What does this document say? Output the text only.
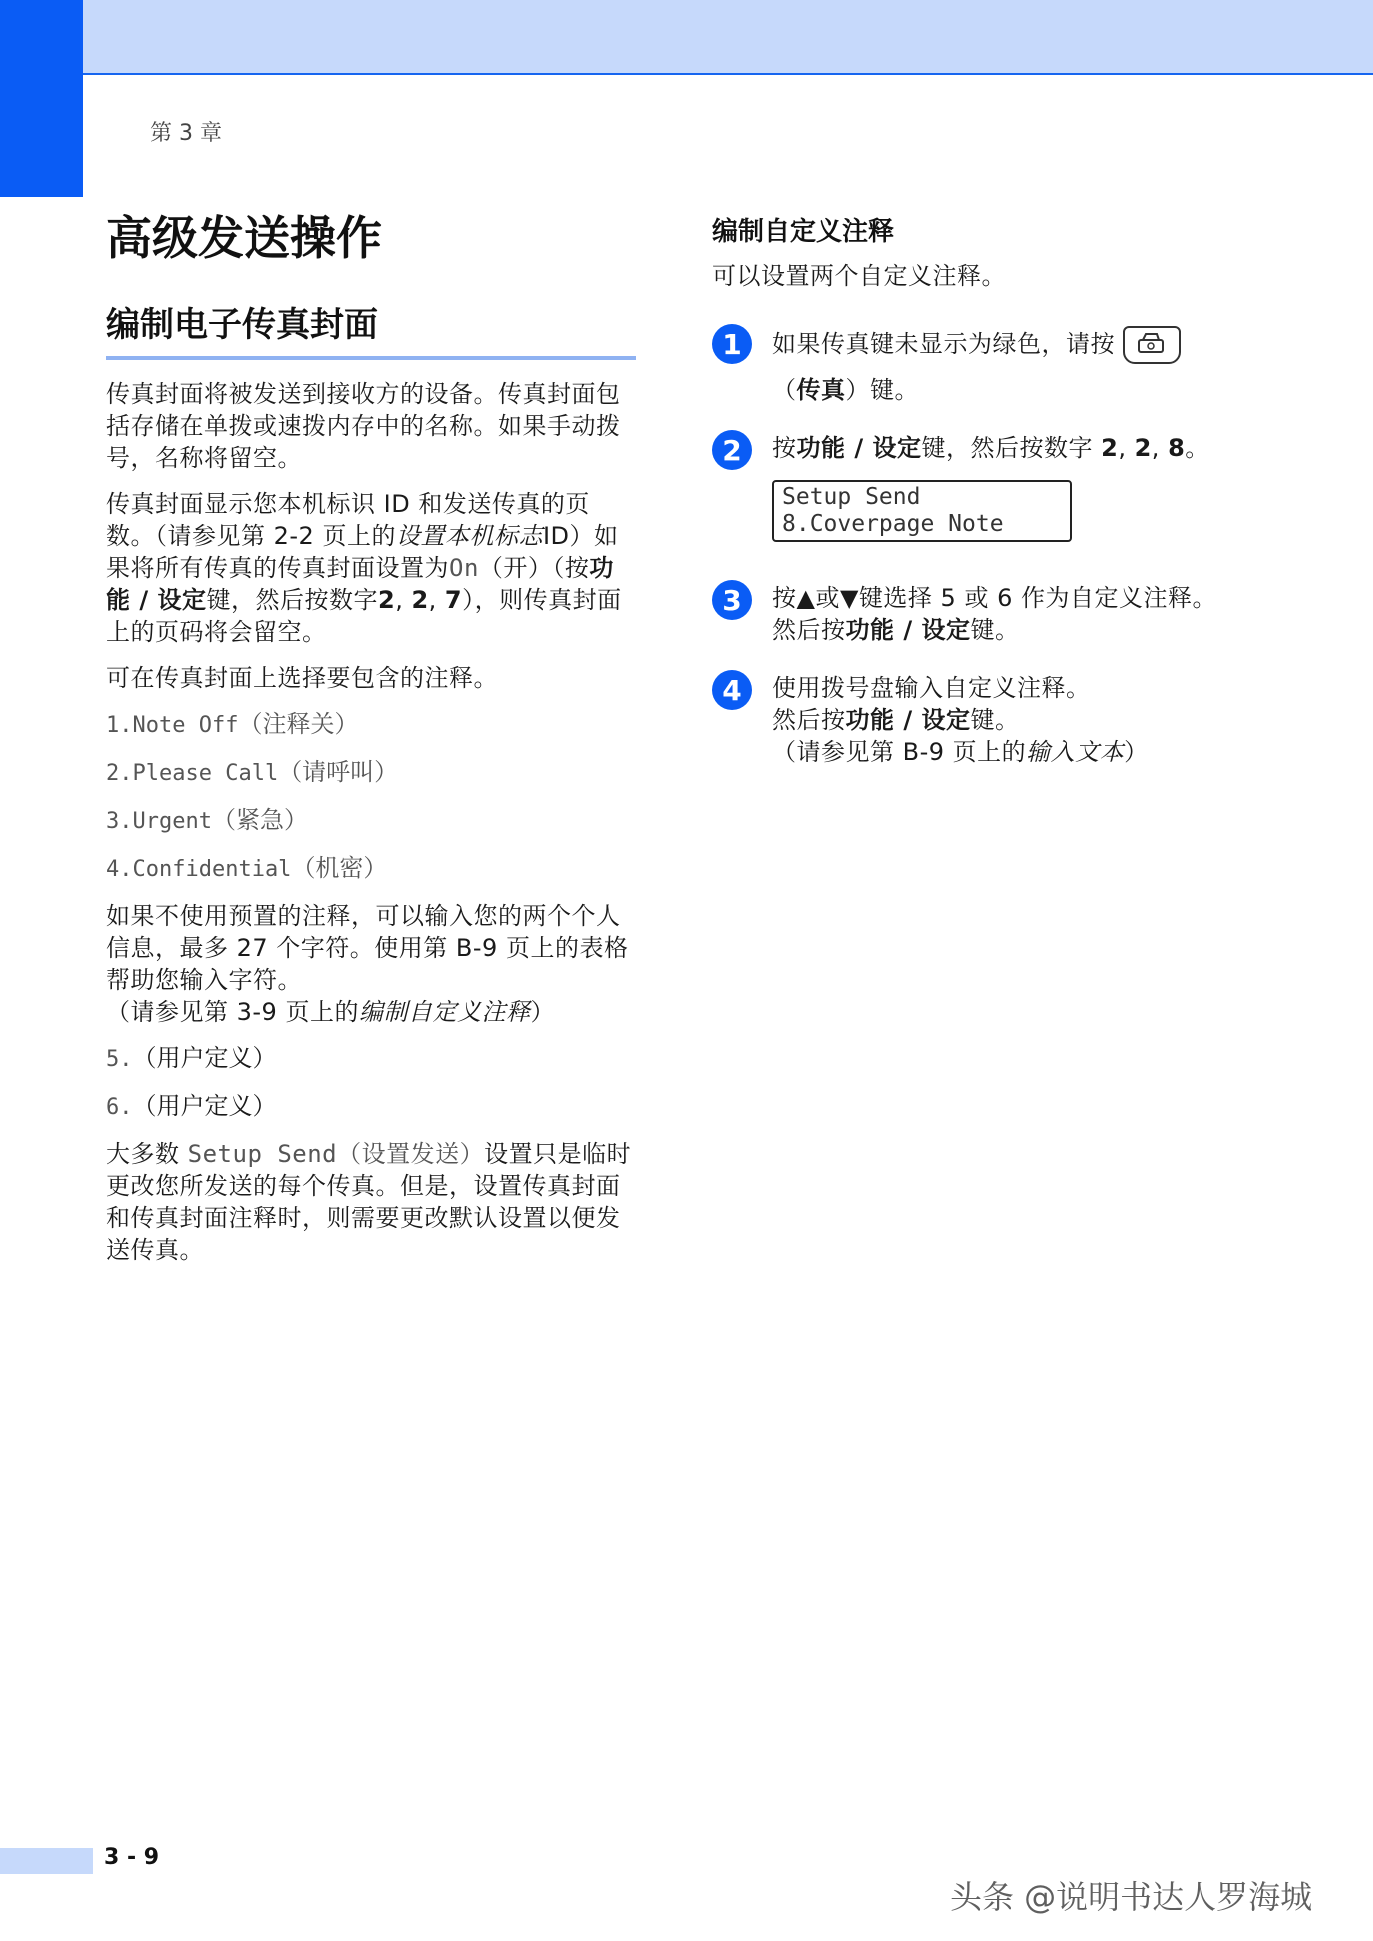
第 3 章
高级发送操作
编制电子传真封面

传真封面将被发送到接收方的设备。传真封面包括存储在单拨或速拨内存中的名称。如果手动拨号，名称将留空。

传真封面显示您本机标识 ID 和发送传真的页数。（请参见第 2-2 页上的设置本机标志ID）如果将所有传真的传真封面设置为On（开）（按功能 / 设定键，然后按数字2, 2, 7），则传真封面上的页码将会留空。

可在传真封面上选择要包含的注释。

1.Note Off（注释关）
2.Please Call（请呼叫）
3.Urgent（紧急）
4.Confidential（机密）

如果不使用预置的注释，可以输入您的两个个人信息，最多 27 个字符。使用第 B-9 页上的表格帮助您输入字符。
（请参见第 3-9 页上的编制自定义注释）

5.（用户定义）
6.（用户定义）

大多数 Setup Send（设置发送）设置只是临时更改您所发送的每个传真。但是，设置传真封面和传真封面注释时，则需要更改默认设置以便发送传真。

编制自定义注释

可以设置两个自定义注释。

1	如果传真键未显示为绿色，请按

（传真）键。

2	按功能 / 设定键，然后按数字 2, 2, 8。

Setup Send
8.Coverpage Note
3	按▲或▼键选择 5 或 6 作为自定义注释。

然后按功能 / 设定键。

4	使用拨号盘输入自定义注释。

然后按功能 / 设定键。

（请参见第 B-9 页上的输入文本）

3 - 9
头条 @说明书达人罗海城
